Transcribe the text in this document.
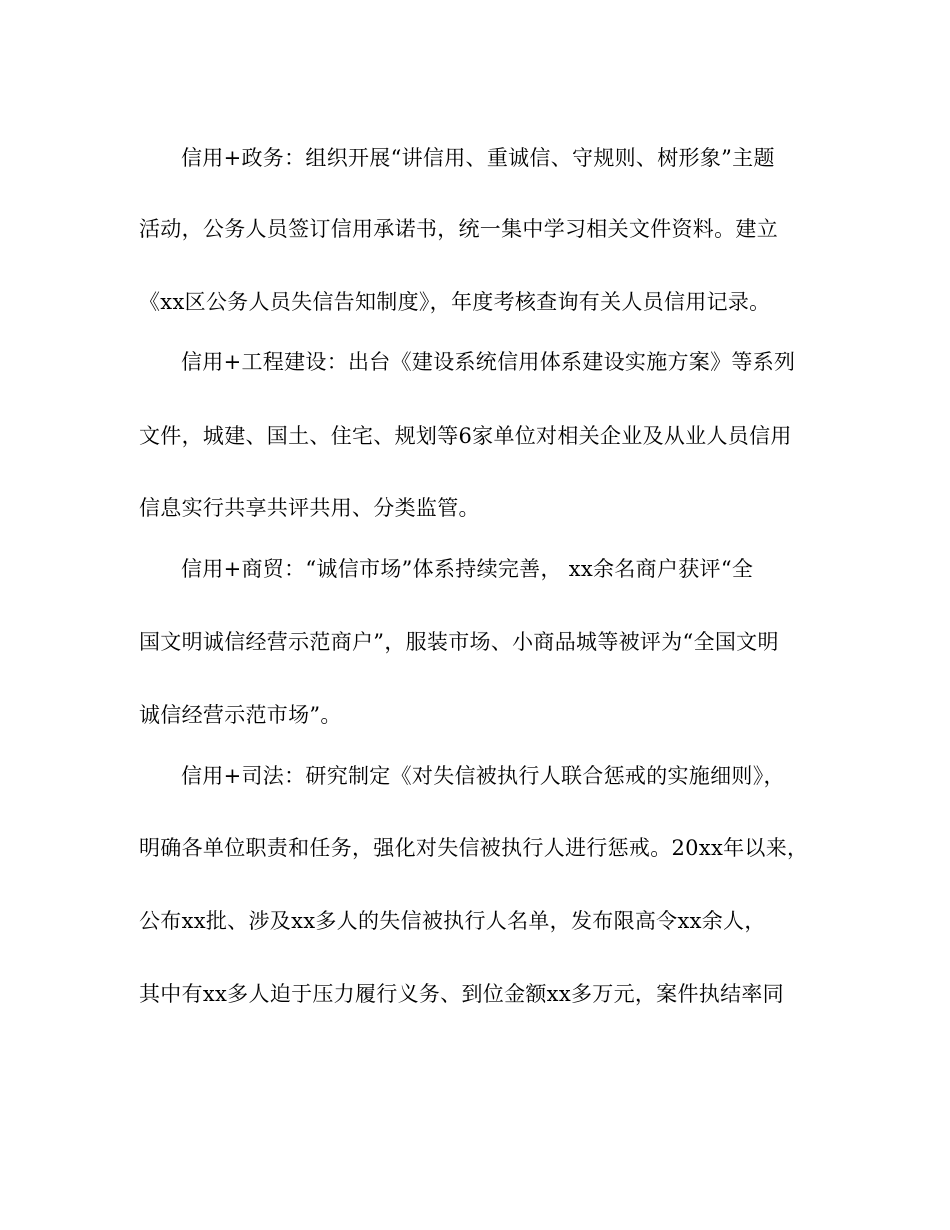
信用+政务：组织开展“讲信用、重诚信、守规则、树形象”主题
活动，公务人员签订信用承诺书，统一集中学习相关文件资料。建立
《xx区公务人员失信告知制度》，年度考核查询有关人员信用记录。
信用+工程建设：出台《建设系统信用体系建设实施方案》等系列
文件，城建、国土、住宅、规划等6家单位对相关企业及从业人员信用
信息实行共享共评共用、分类监管。
信用+商贸：“诚信市场”体系持续完善， xx余名商户获评“全
国文明诚信经营示范商户”，服装市场、小商品城等被评为“全国文明
诚信经营示范市场”。
信用+司法：研究制定《对失信被执行人联合惩戒的实施细则》，
明确各单位职责和任务，强化对失信被执行人进行惩戒。20xx年以来，
公布xx批、涉及xx多人的失信被执行人名单，发布限高令xx余人，
其中有xx多人迫于压力履行义务、到位金额xx多万元，案件执结率同
